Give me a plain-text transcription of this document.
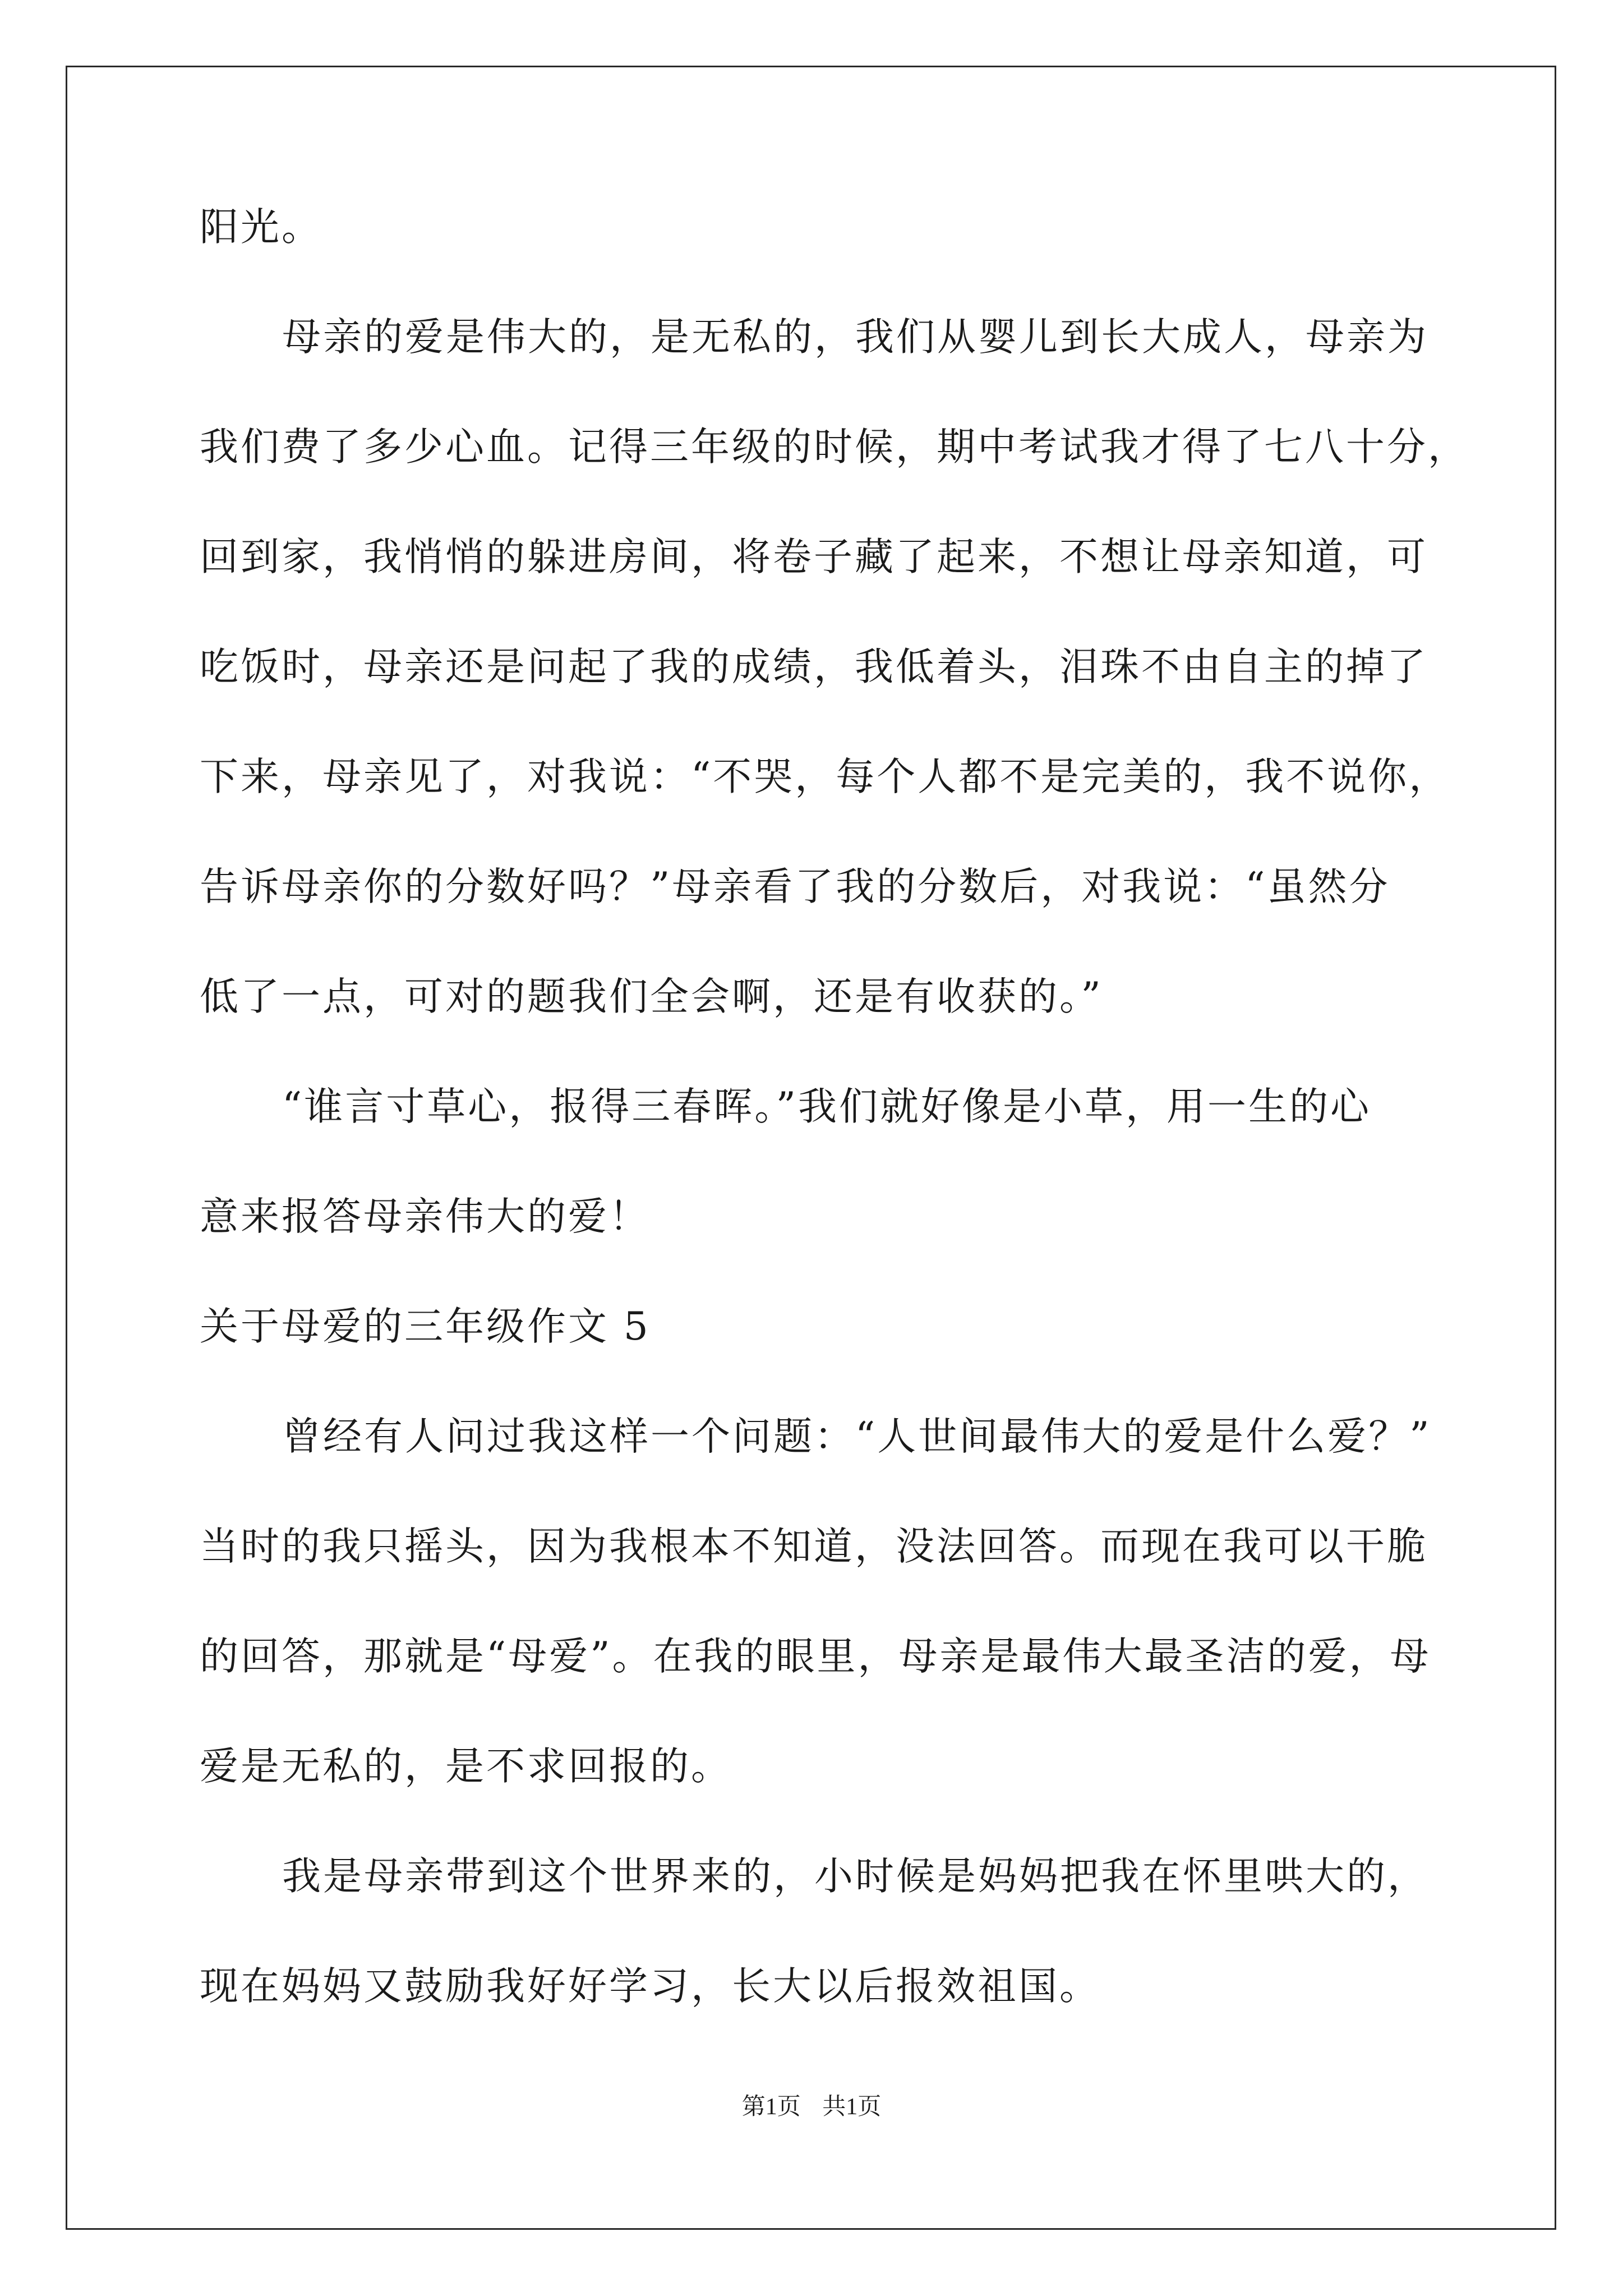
阳光。
母亲的爱是伟大的，是无私的，我们从婴儿到长大成人，母亲为
我们费了多少心血。记得三年级的时候，期中考试我才得了七八十分，
回到家，我悄悄的躲进房间，将卷子藏了起来，不想让母亲知道，可
吃饭时，母亲还是问起了我的成绩，我低着头，泪珠不由自主的掉了
下来，母亲见了，对我说：“不哭，每个人都不是完美的，我不说你，
告诉母亲你的分数好吗？”母亲看了我的分数后，对我说：“虽然分
低了一点，可对的题我们全会啊，还是有收获的。”
“谁言寸草心，报得三春晖。”我们就好像是小草，用一生的心
意来报答母亲伟大的爱！
关于母爱的三年级作文 5
曾经有人问过我这样一个问题：“人世间最伟大的爱是什么爱？”
当时的我只摇头，因为我根本不知道，没法回答。而现在我可以干脆
的回答，那就是“母爱”。在我的眼里，母亲是最伟大最圣洁的爱，母
爱是无私的，是不求回报的。
我是母亲带到这个世界来的，小时候是妈妈把我在怀里哄大的，
现在妈妈又鼓励我好好学习，长大以后报效祖国。
第1页 共1页
